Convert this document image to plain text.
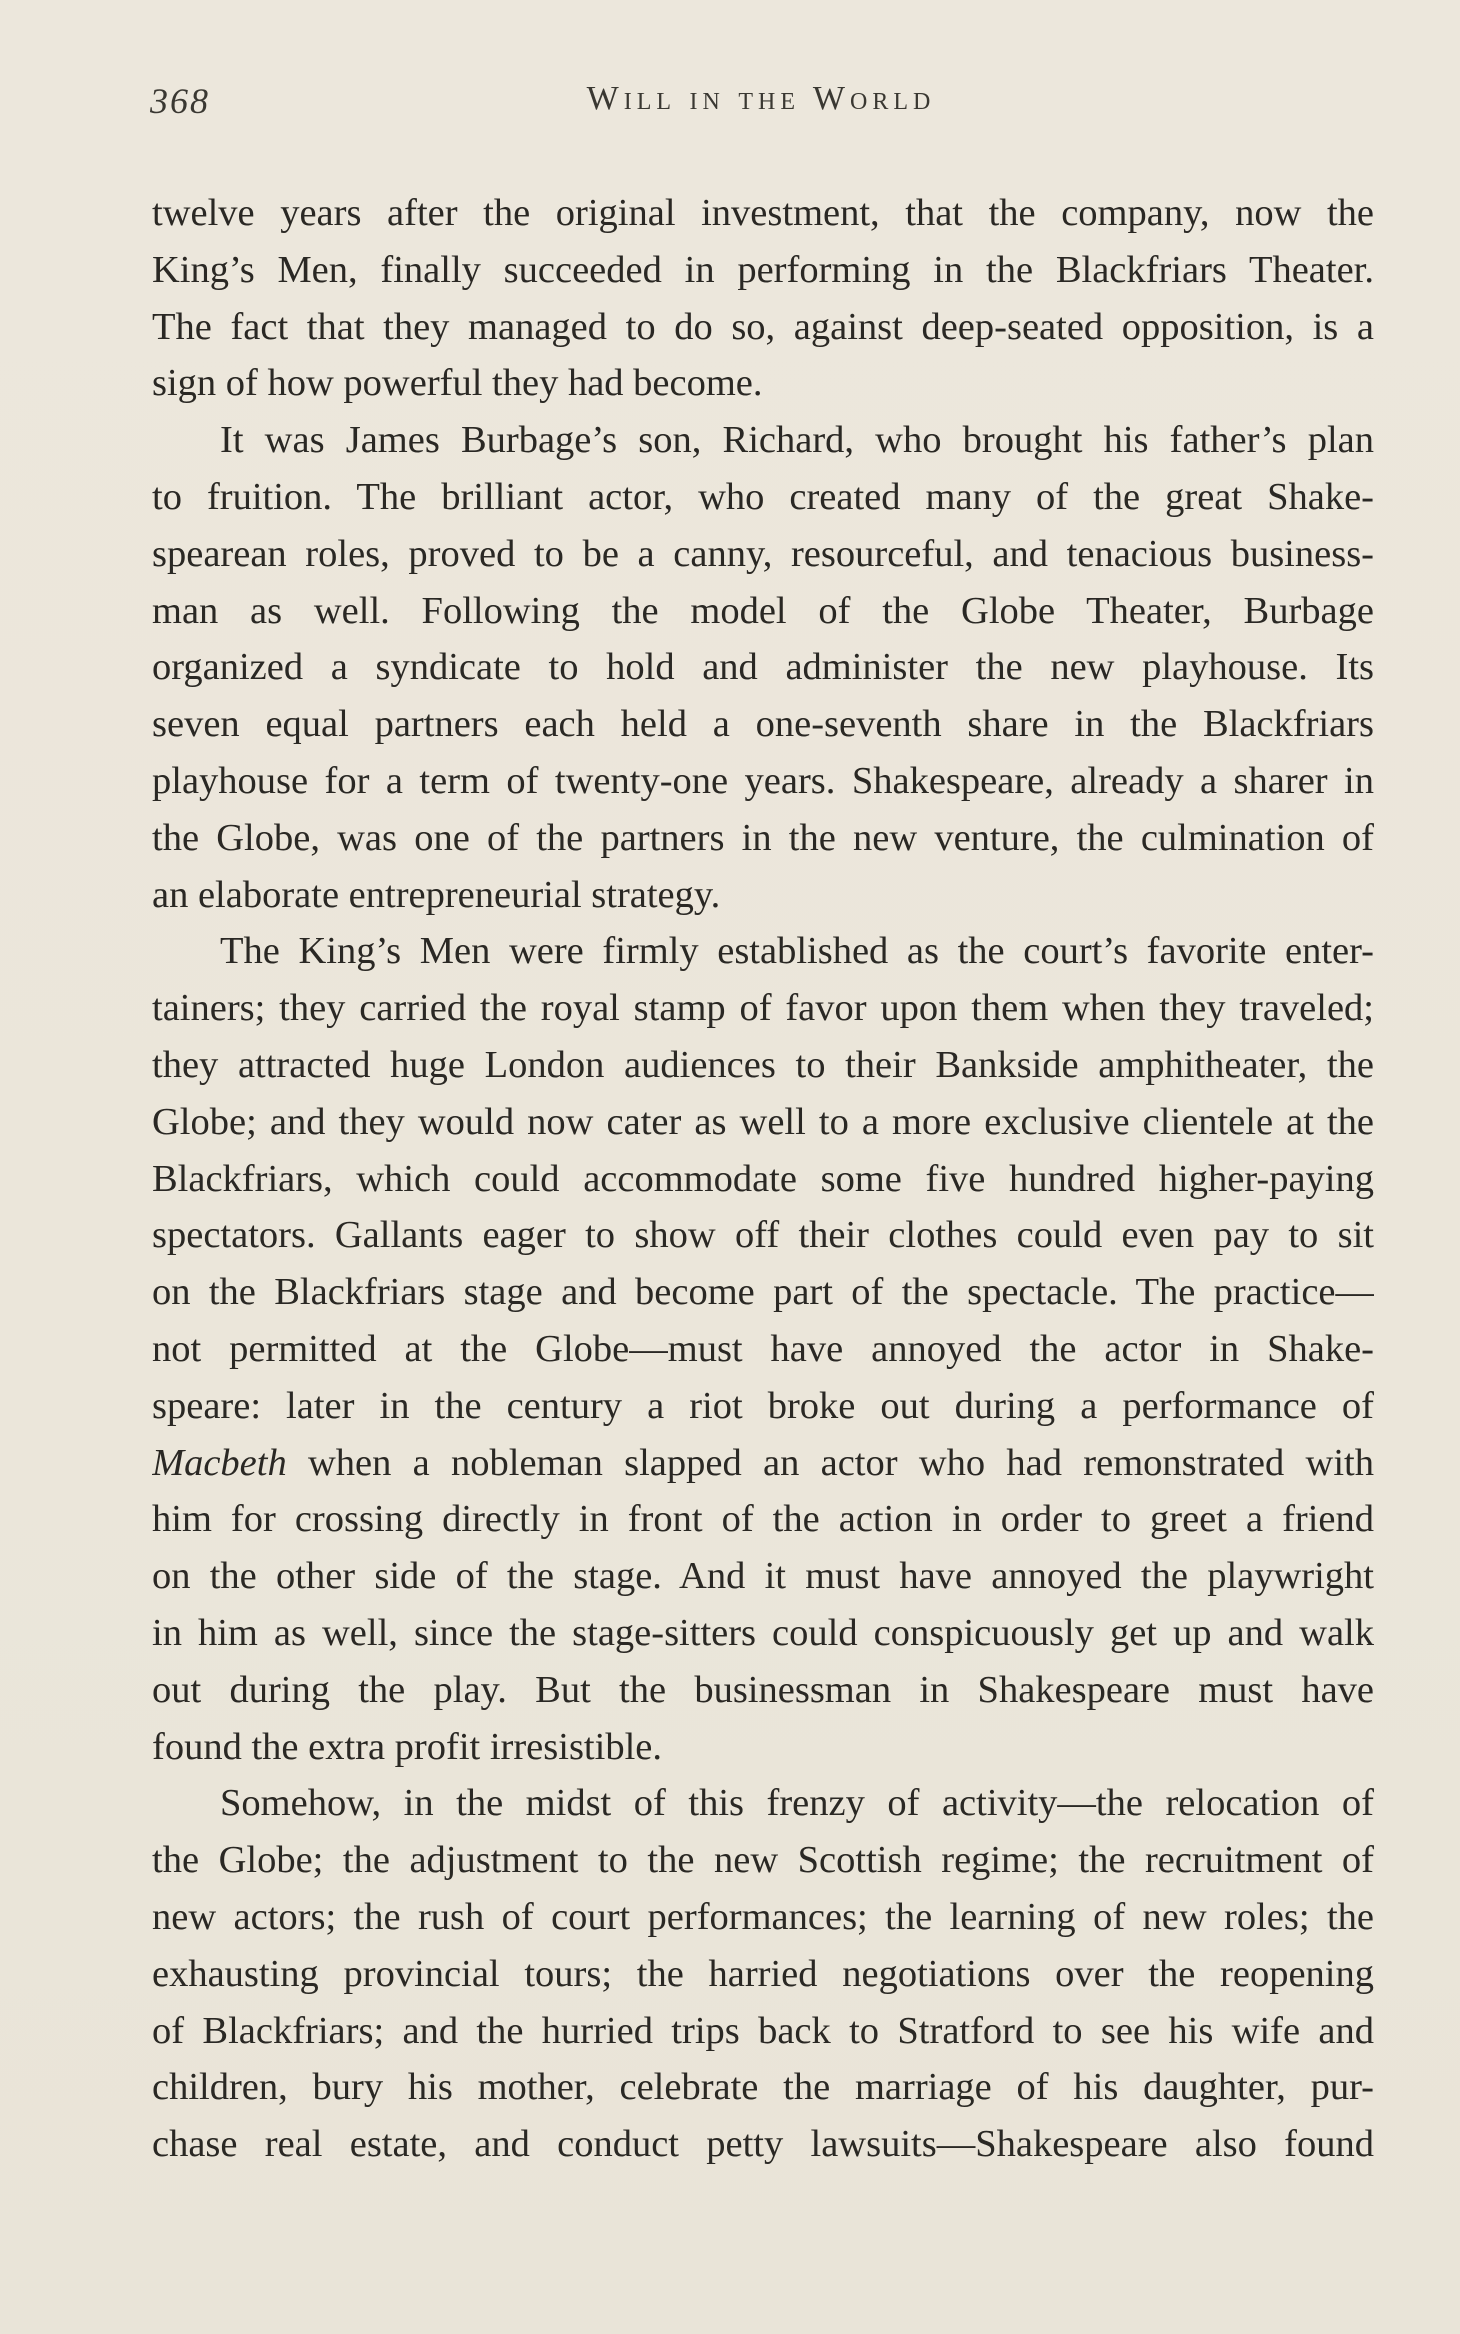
368	Will in the World
twelve years after the original investment, that the company, now the
King’s Men, finally succeeded in performing in the Blackfriars Theater.
The fact that they managed to do so, against deep-seated opposition, is a
sign of how powerful they had become.
It was James Burbage’s son, Richard, who brought his father’s plan
to fruition. The brilliant actor, who created many of the great Shake-
spearean roles, proved to be a canny, resourceful, and tenacious business-
man as well. Following the model of the Globe Theater, Burbage
organized a syndicate to hold and administer the new playhouse. Its
seven equal partners each held a one-seventh share in the Blackfriars
playhouse for a term of twenty-one years. Shakespeare, already a sharer in
the Globe, was one of the partners in the new venture, the culmination of
an elaborate entrepreneurial strategy.
The King’s Men were firmly established as the court’s favorite enter-
tainers; they carried the royal stamp of favor upon them when they traveled;
they attracted huge London audiences to their Bankside amphitheater, the
Globe; and they would now cater as well to a more exclusive clientele at the
Blackfriars, which could accommodate some five hundred higher-paying
spectators. Gallants eager to show off their clothes could even pay to sit
on the Blackfriars stage and become part of the spectacle. The practice—
not permitted at the Globe—must have annoyed the actor in Shake-
speare: later in the century a riot broke out during a performance of
Macbeth when a nobleman slapped an actor who had remonstrated with
him for crossing directly in front of the action in order to greet a friend
on the other side of the stage. And it must have annoyed the playwright
in him as well, since the stage-sitters could conspicuously get up and walk
out during the play. But the businessman in Shakespeare must have
found the extra profit irresistible.
Somehow, in the midst of this frenzy of activity—the relocation of
the Globe; the adjustment to the new Scottish regime; the recruitment of
new actors; the rush of court performances; the learning of new roles; the
exhausting provincial tours; the harried negotiations over the reopening
of Blackfriars; and the hurried trips back to Stratford to see his wife and
children, bury his mother, celebrate the marriage of his daughter, pur-
chase real estate, and conduct petty lawsuits—Shakespeare also found
